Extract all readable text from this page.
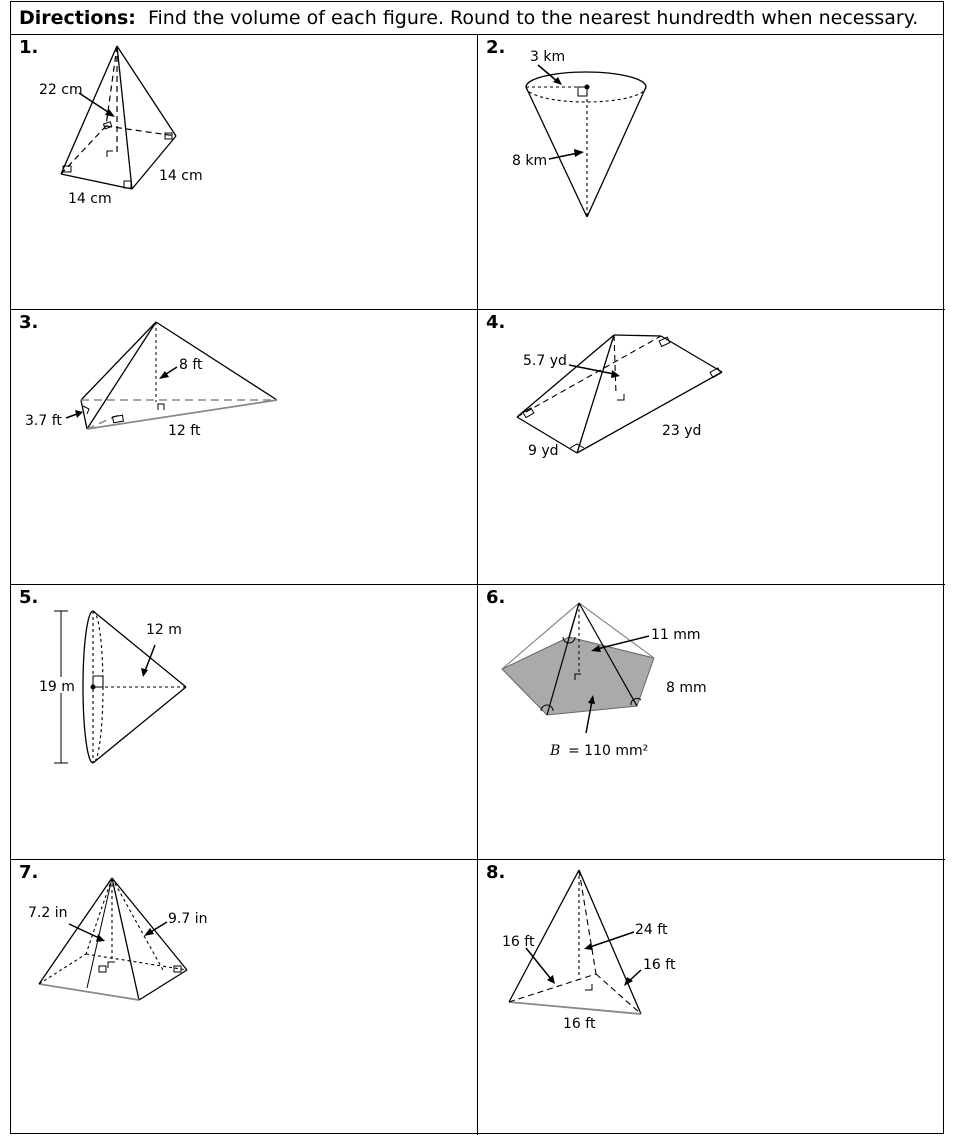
Directions: Find the volume of each figure. Round to the nearest hundredth when necessary.
1.
22 cm
14 cm
14 cm
2. 3 km
8 km
3.
8 ft
3.7 ft
12 ft
4.
5.7 yd
9 yd
23 yd
5.
12 m
19 m
6.
11 mm
8 mm
B = 110 mm²
7.
7.2 in	9.7 in
8.
16 ft
24 ft
16 ft
16 ft
